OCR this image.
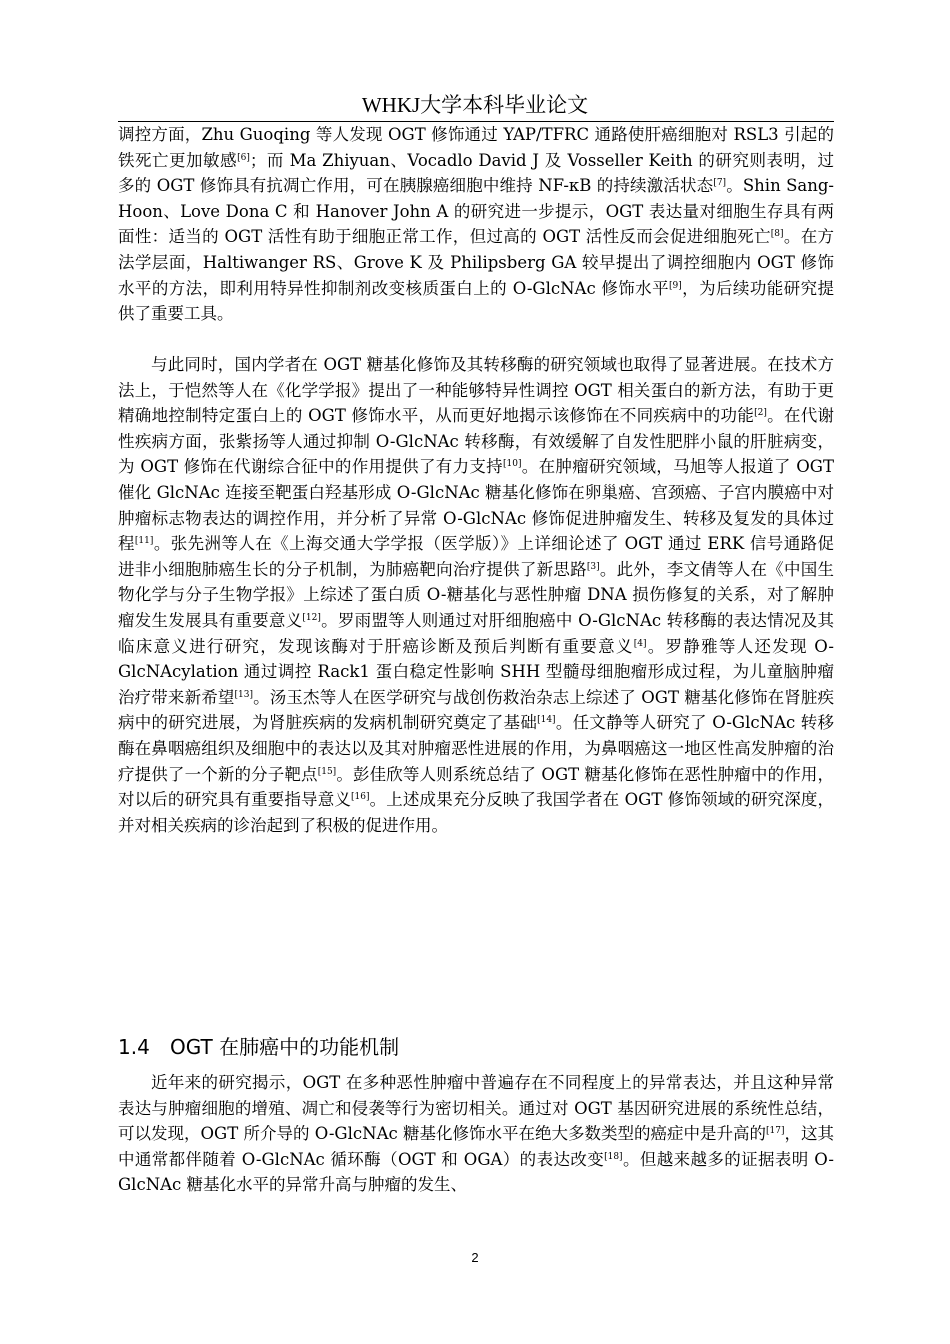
WHKJ大学本科毕业论文

调控方面，Zhu Guoqing 等人发现 OGT 修饰通过 YAP/TFRC 通路使肝癌细胞对 RSL3 引起的铁死亡更加敏感[6]；而 Ma Zhiyuan、Vocadlo David J 及 Vosseller Keith 的研究则表明，过多的 OGT 修饰具有抗凋亡作用，可在胰腺癌细胞中维持 NF-κB 的持续激活状态[7]。Shin Sang-Hoon、Love Dona C 和 Hanover John A 的研究进一步提示，OGT 表达量对细胞生存具有两面性：适当的 OGT 活性有助于细胞正常工作，但过高的 OGT 活性反而会促进细胞死亡[8]。在方法学层面，Haltiwanger RS、Grove K 及 Philipsberg GA 较早提出了调控细胞内 OGT 修饰水平的方法，即利用特异性抑制剂改变核质蛋白上的 O-GlcNAc 修饰水平[9]，为后续功能研究提供了重要工具。

与此同时，国内学者在 OGT 糖基化修饰及其转移酶的研究领域也取得了显著进展。在技术方法上，于恺然等人在《化学学报》提出了一种能够特异性调控 OGT 相关蛋白的新方法，有助于更精确地控制特定蛋白上的 OGT 修饰水平，从而更好地揭示该修饰在不同疾病中的功能[2]。在代谢性疾病方面，张紫扬等人通过抑制 O-GlcNAc 转移酶，有效缓解了自发性肥胖小鼠的肝脏病变，为 OGT 修饰在代谢综合征中的作用提供了有力支持[10]。在肿瘤研究领域，马旭等人报道了 OGT 催化 GlcNAc 连接至靶蛋白羟基形成 O-GlcNAc 糖基化修饰在卵巢癌、宫颈癌、子宫内膜癌中对肿瘤标志物表达的调控作用，并分析了异常 O-GlcNAc 修饰促进肿瘤发生、转移及复发的具体过程[11]。张先洲等人在《上海交通大学学报（医学版）》上详细论述了 OGT 通过 ERK 信号通路促进非小细胞肺癌生长的分子机制，为肺癌靶向治疗提供了新思路[3]。此外，李文倩等人在《中国生物化学与分子生物学报》上综述了蛋白质 O-糖基化与恶性肿瘤 DNA 损伤修复的关系，对了解肿瘤发生发展具有重要意义[12]。罗雨盟等人则通过对肝细胞癌中 O-GlcNAc 转移酶的表达情况及其临床意义进行研究，发现该酶对于肝癌诊断及预后判断有重要意义[4]。罗静雅等人还发现 O-GlcNAcylation 通过调控 Rack1 蛋白稳定性影响 SHH 型髓母细胞瘤形成过程，为儿童脑肿瘤治疗带来新希望[13]。汤玉杰等人在医学研究与战创伤救治杂志上综述了 OGT 糖基化修饰在肾脏疾病中的研究进展，为肾脏疾病的发病机制研究奠定了基础[14]。任文静等人研究了 O-GlcNAc 转移酶在鼻咽癌组织及细胞中的表达以及其对肿瘤恶性进展的作用，为鼻咽癌这一地区性高发肿瘤的治疗提供了一个新的分子靶点[15]。彭佳欣等人则系统总结了 OGT 糖基化修饰在恶性肿瘤中的作用，对以后的研究具有重要指导意义[16]。上述成果充分反映了我国学者在 OGT 修饰领域的研究深度，并对相关疾病的诊治起到了积极的促进作用。

1.4 OGT 在肺癌中的功能机制

近年来的研究揭示，OGT 在多种恶性肿瘤中普遍存在不同程度上的异常表达，并且这种异常表达与肿瘤细胞的增殖、凋亡和侵袭等行为密切相关。通过对 OGT 基因研究进展的系统性总结，可以发现，OGT 所介导的 O-GlcNAc 糖基化修饰水平在绝大多数类型的癌症中是升高的[17]，这其中通常都伴随着 O-GlcNAc 循环酶（OGT 和 OGA）的表达改变[18]。但越来越多的证据表明 O-GlcNAc 糖基化水平的异常升高与肿瘤的发生、

2
